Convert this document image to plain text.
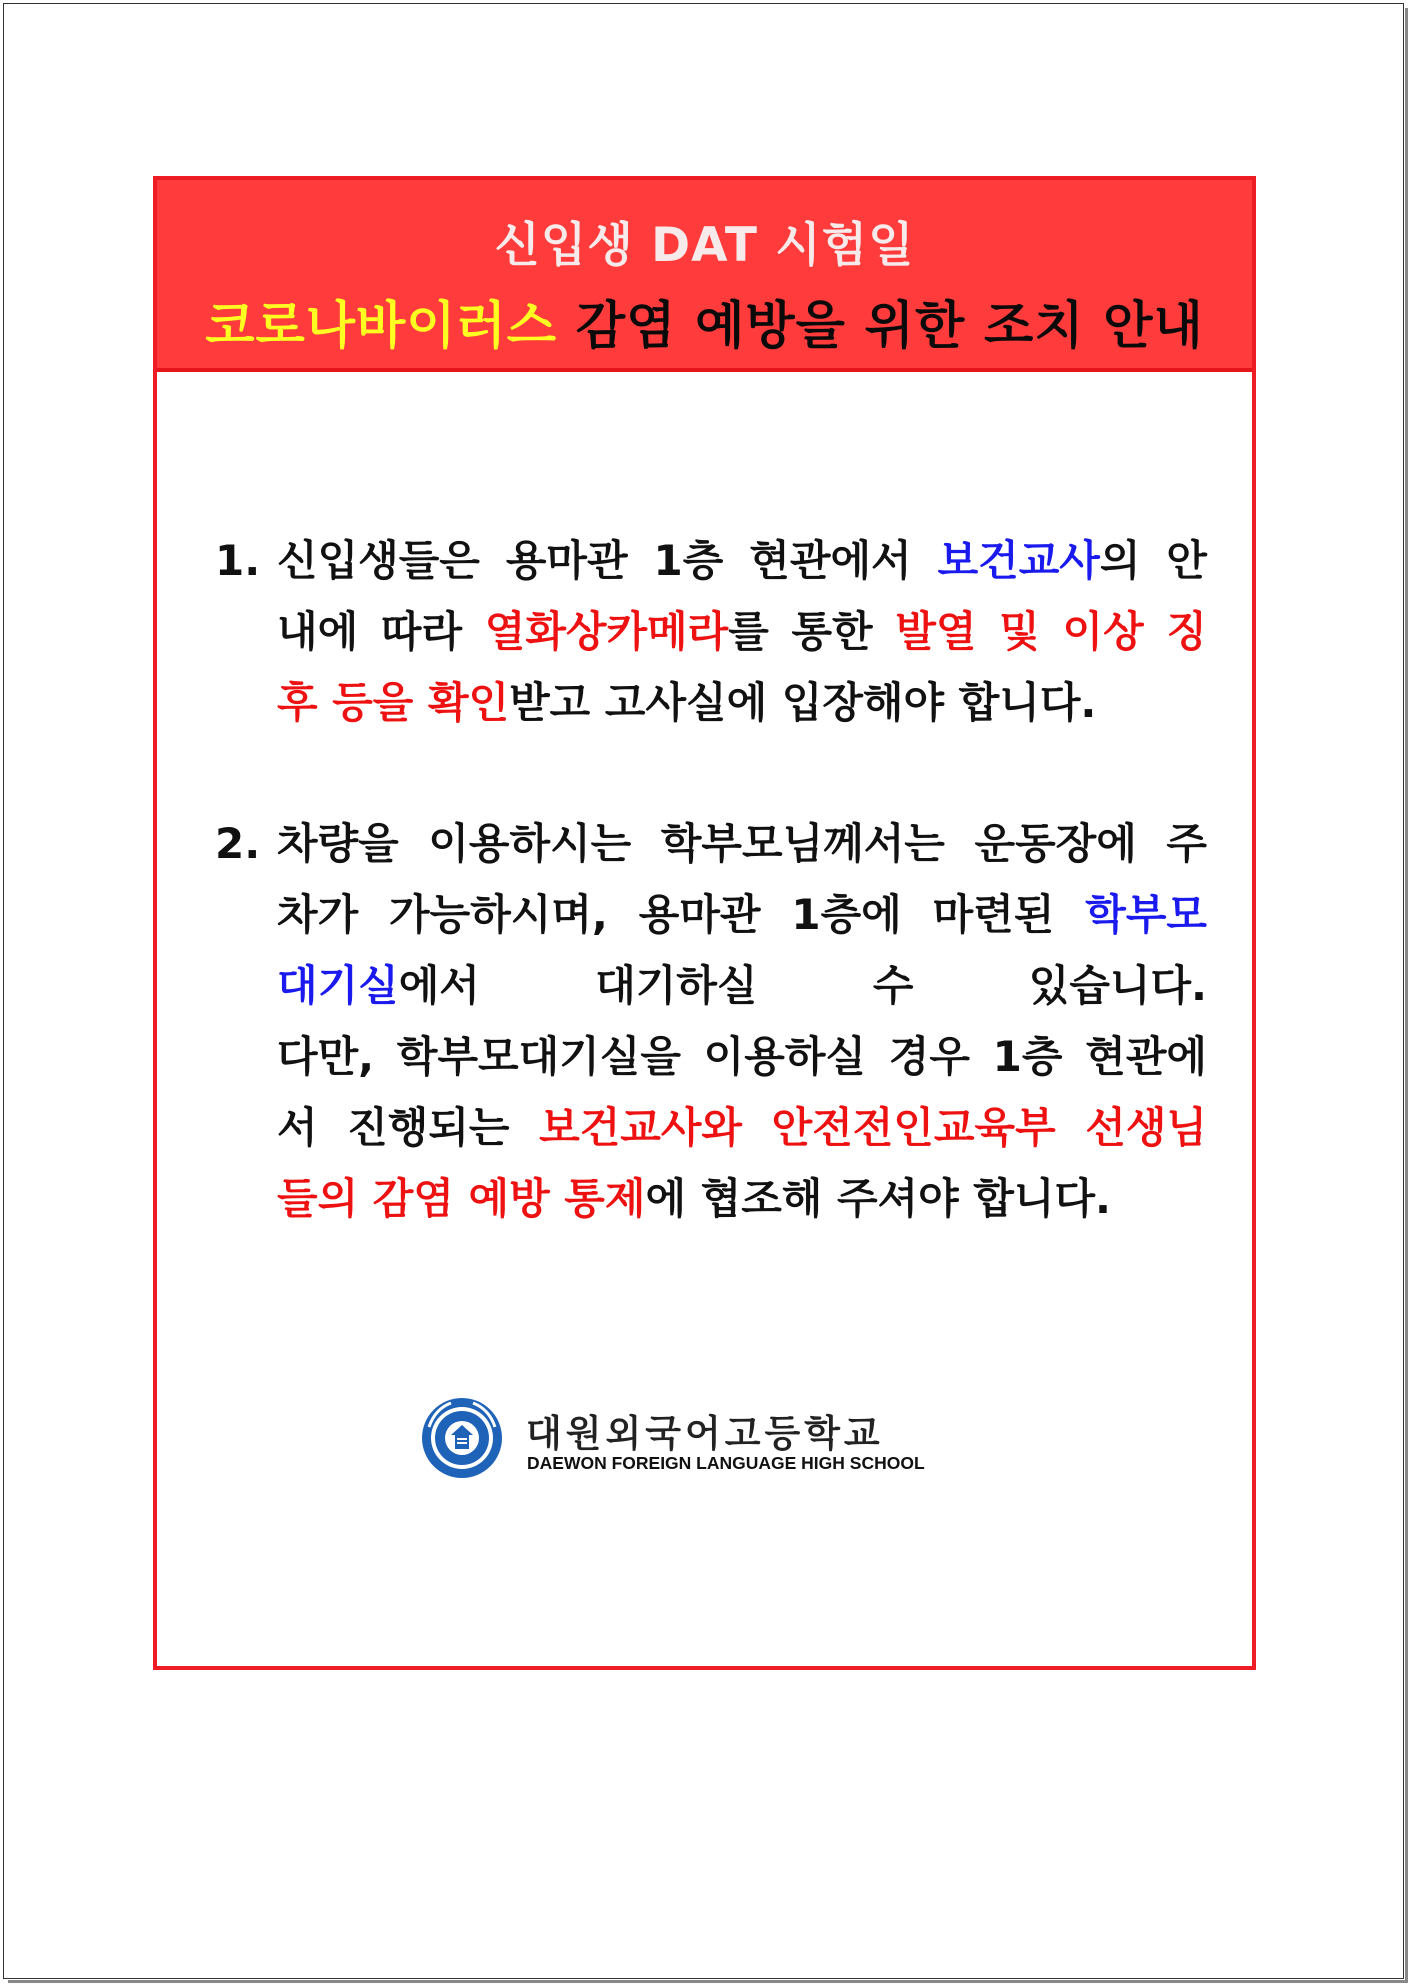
신입생 DAT 시험일
코로나바이러스 감염 예방을 위한 조치 안내
1. 신입생들은 용마관 1층 현관에서 보건교사의 안
내에 따라 열화상카메라를 통한 발열 및 이상 징
후 등을 확인받고 고사실에 입장해야 합니다.
2. 차량을 이용하시는 학부모님께서는 운동장에 주
차가 가능하시며, 용마관 1층에 마련된 학부모
대기실에서 대기하실 수 있습니다.
다만, 학부모대기실을 이용하실 경우 1층 현관에
서 진행되는 보건교사와 안전전인교육부 선생님
들의 감염 예방 통제에 협조해 주셔야 합니다.
대원외국어고등학교
DAEWON FOREIGN LANGUAGE HIGH SCHOOL
